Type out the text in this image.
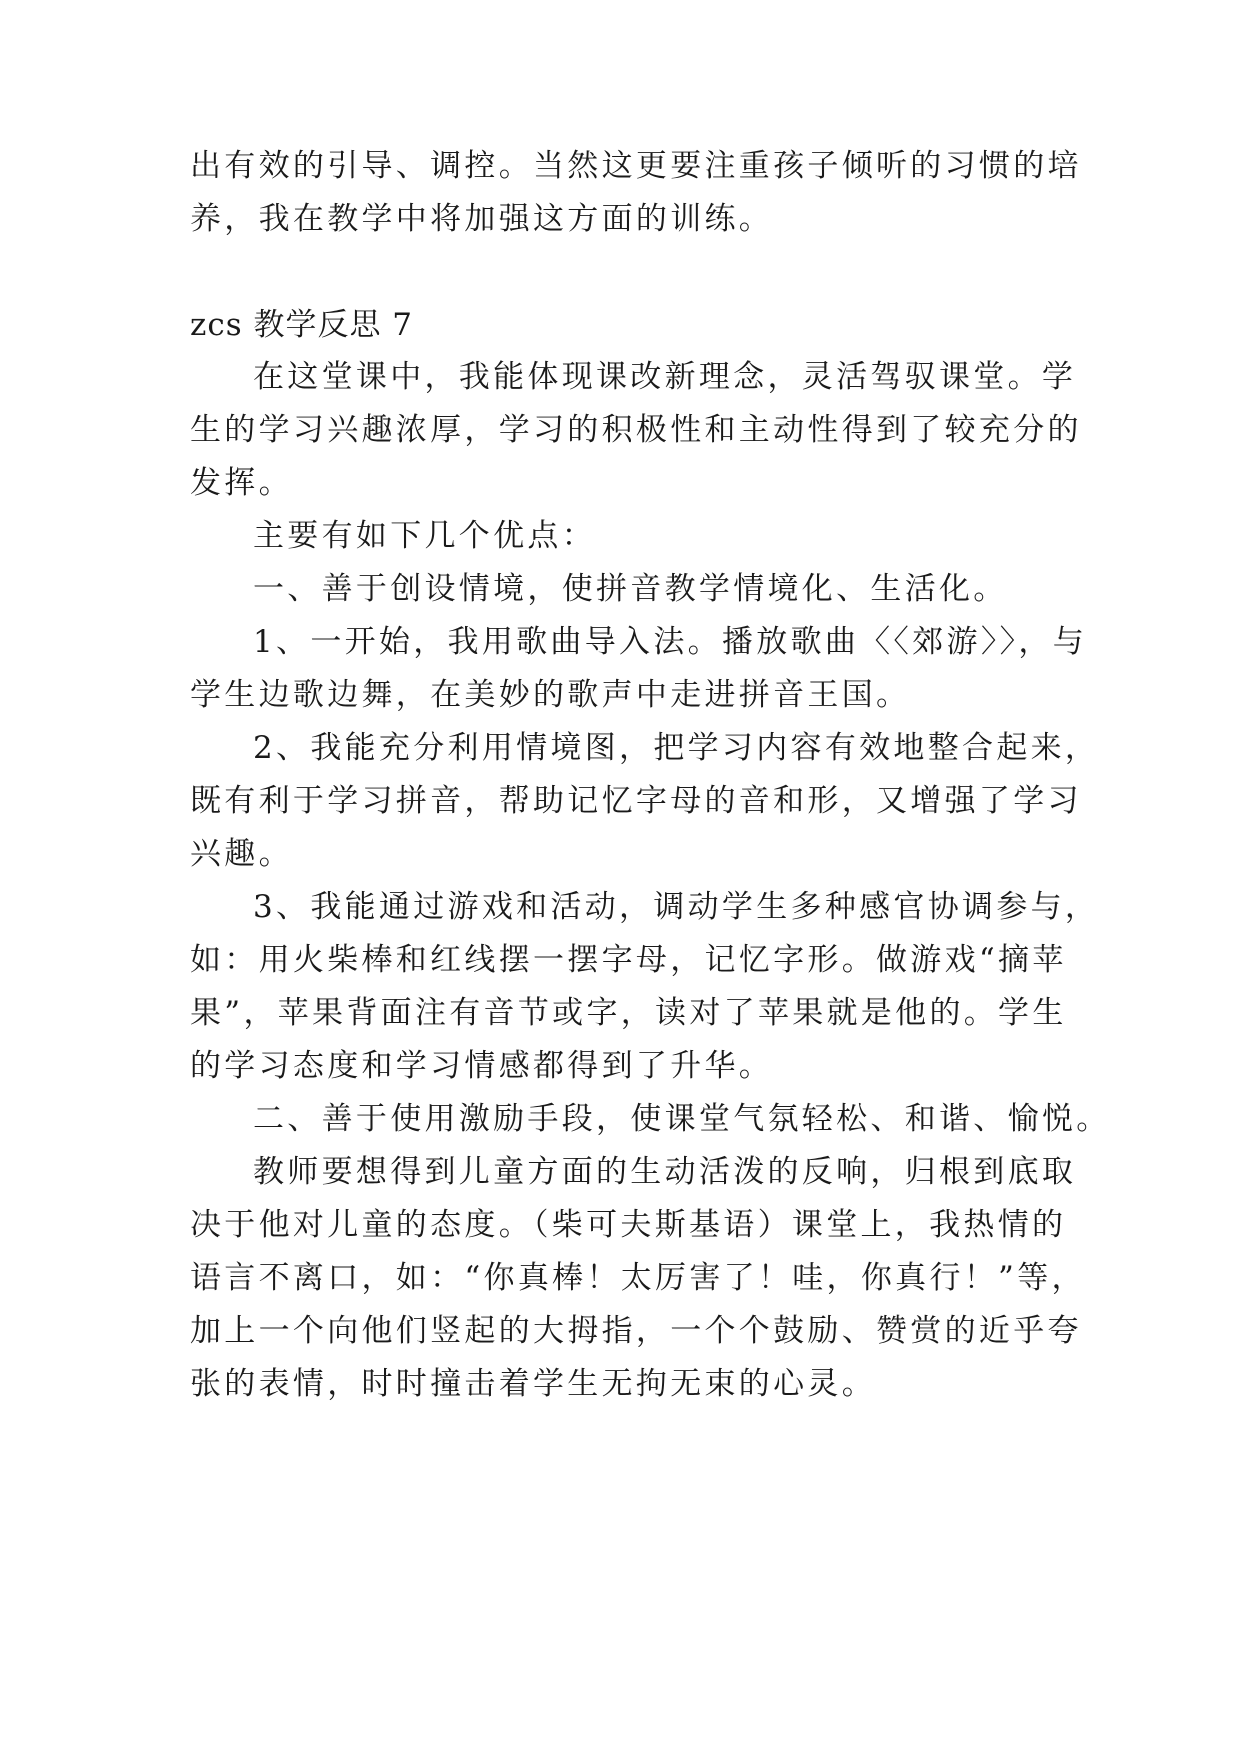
出有效的引导、调控。当然这更要注重孩子倾听的习惯的培
养，我在教学中将加强这方面的训练。
zcs 教学反思 7
在这堂课中，我能体现课改新理念，灵活驾驭课堂。学
生的学习兴趣浓厚，学习的积极性和主动性得到了较充分的
发挥。
主要有如下几个优点：
一、善于创设情境，使拼音教学情境化、生活化。
1、一开始，我用歌曲导入法。播放歌曲〈〈郊游〉〉，与
学生边歌边舞，在美妙的歌声中走进拼音王国。
2、我能充分利用情境图，把学习内容有效地整合起来，
既有利于学习拼音，帮助记忆字母的音和形，又增强了学习
兴趣。
3、我能通过游戏和活动，调动学生多种感官协调参与，
如：用火柴棒和红线摆一摆字母，记忆字形。做游戏“摘苹
果”，苹果背面注有音节或字，读对了苹果就是他的。学生
的学习态度和学习情感都得到了升华。
二、善于使用激励手段，使课堂气氛轻松、和谐、愉悦。
教师要想得到儿童方面的生动活泼的反响，归根到底取
决于他对儿童的态度。（柴可夫斯基语）课堂上，我热情的
语言不离口，如：“你真棒！太厉害了！哇，你真行！”等，
加上一个向他们竖起的大拇指，一个个鼓励、赞赏的近乎夸
张的表情，时时撞击着学生无拘无束的心灵。
